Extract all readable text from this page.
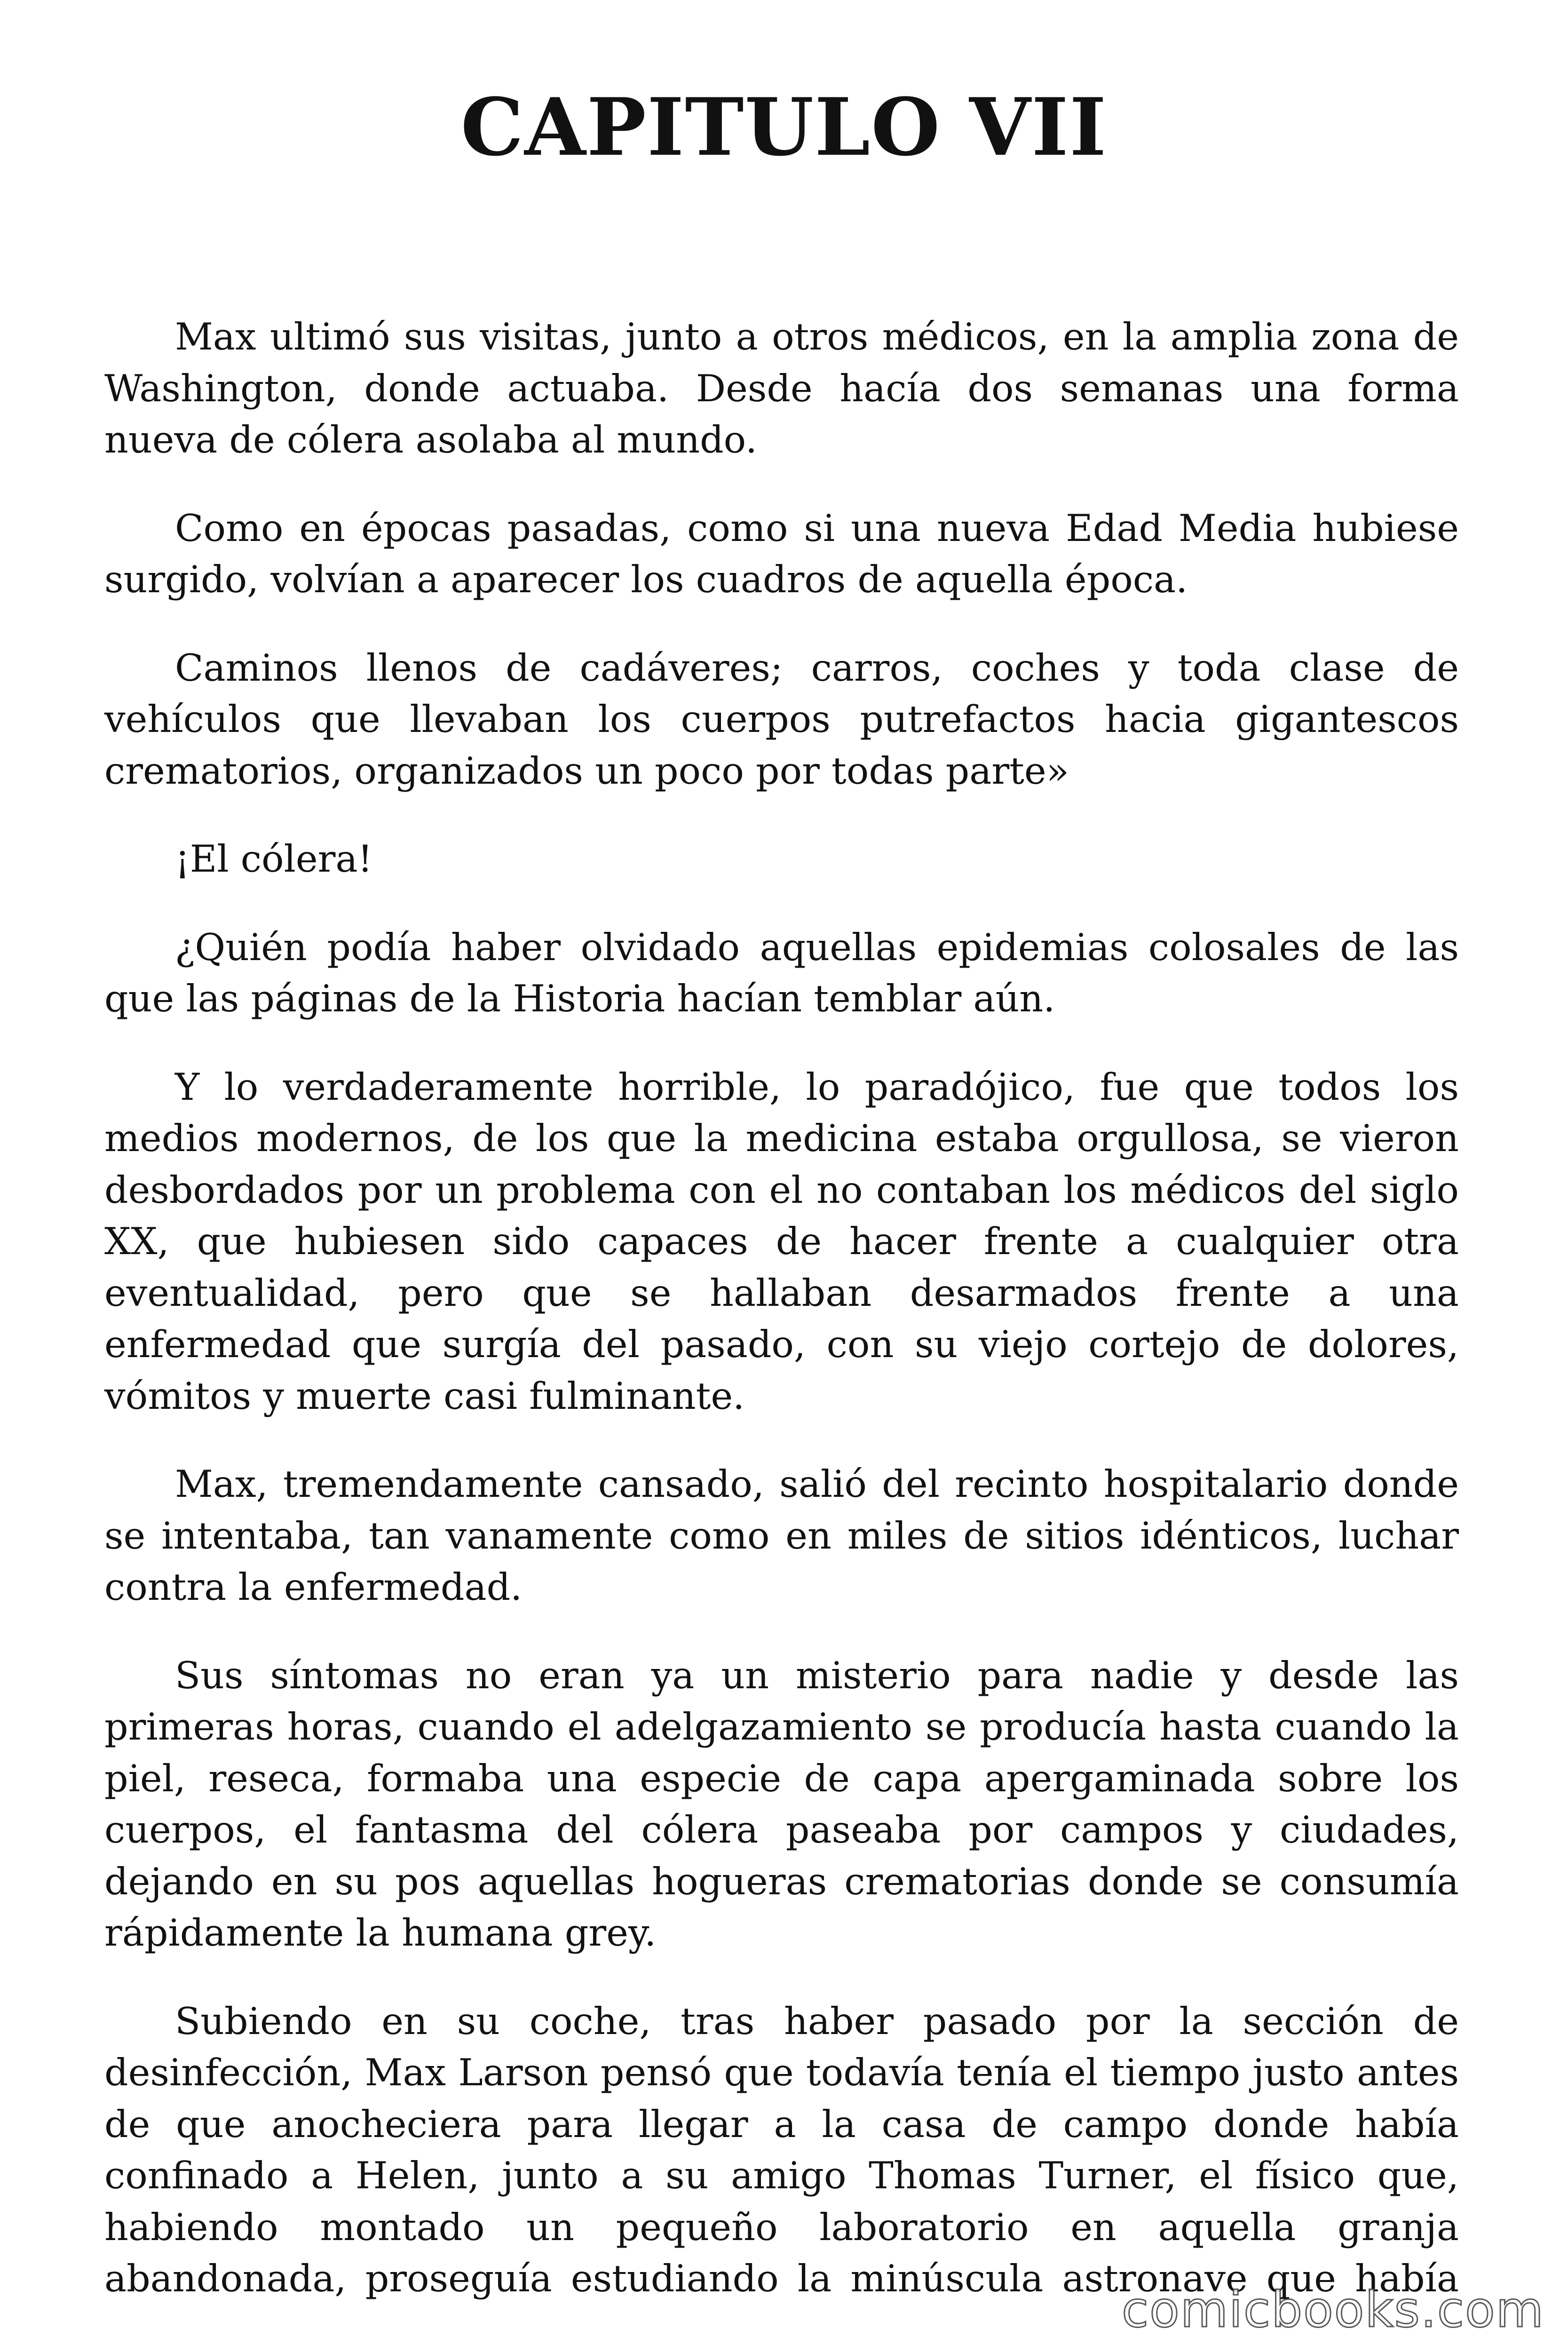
CAPITULO VII

Max ultimó sus visitas, junto a otros médicos, en la amplia zona de Washington, donde actuaba. Desde hacía dos semanas una forma nueva de cólera asolaba al mundo.

Como en épocas pasadas, como si una nueva Edad Media hubiese surgido, volvían a aparecer los cuadros de aquella época.

Caminos llenos de cadáveres; carros, coches y toda clase de vehículos que llevaban los cuerpos putrefactos hacia gigantescos crematorios, organizados un poco por todas parte»

¡El cólera!

¿Quién podía haber olvidado aquellas epidemias colosales de las que las páginas de la Historia hacían temblar aún.

Y lo verdaderamente horrible, lo paradójico, fue que todos los medios modernos, de los que la medicina estaba orgullosa, se vieron desbordados por un problema con el no contaban los médicos del siglo XX, que hubiesen sido capaces de hacer frente a cualquier otra eventualidad, pero que se hallaban desarmados frente a una enfermedad que surgía del pasado, con su viejo cortejo de dolores, vómitos y muerte casi fulminante.

Max, tremendamente cansado, salió del recinto hospitalario donde se intentaba, tan vanamente como en miles de sitios idénticos, luchar contra la enfermedad.

Sus síntomas no eran ya un misterio para nadie y desde las primeras horas, cuando el adelgazamiento se producía hasta cuando la piel, reseca, formaba una especie de capa apergaminada sobre los cuerpos, el fantasma del cólera paseaba por campos y ciudades, dejando en su pos aquellas hogueras crematorias donde se consumía rápidamente la humana grey.

Subiendo en su coche, tras haber pasado por la sección de desinfección, Max Larson pensó que todavía tenía el tiempo justo antes de que anocheciera para llegar a la casa de campo donde había confinado a Helen, junto a su amigo Thomas Turner, el físico que, habiendo montado un pequeño laboratorio en aquella granja abandonada, proseguía estudiando la minúscula astronave que había

comicbooks.com
